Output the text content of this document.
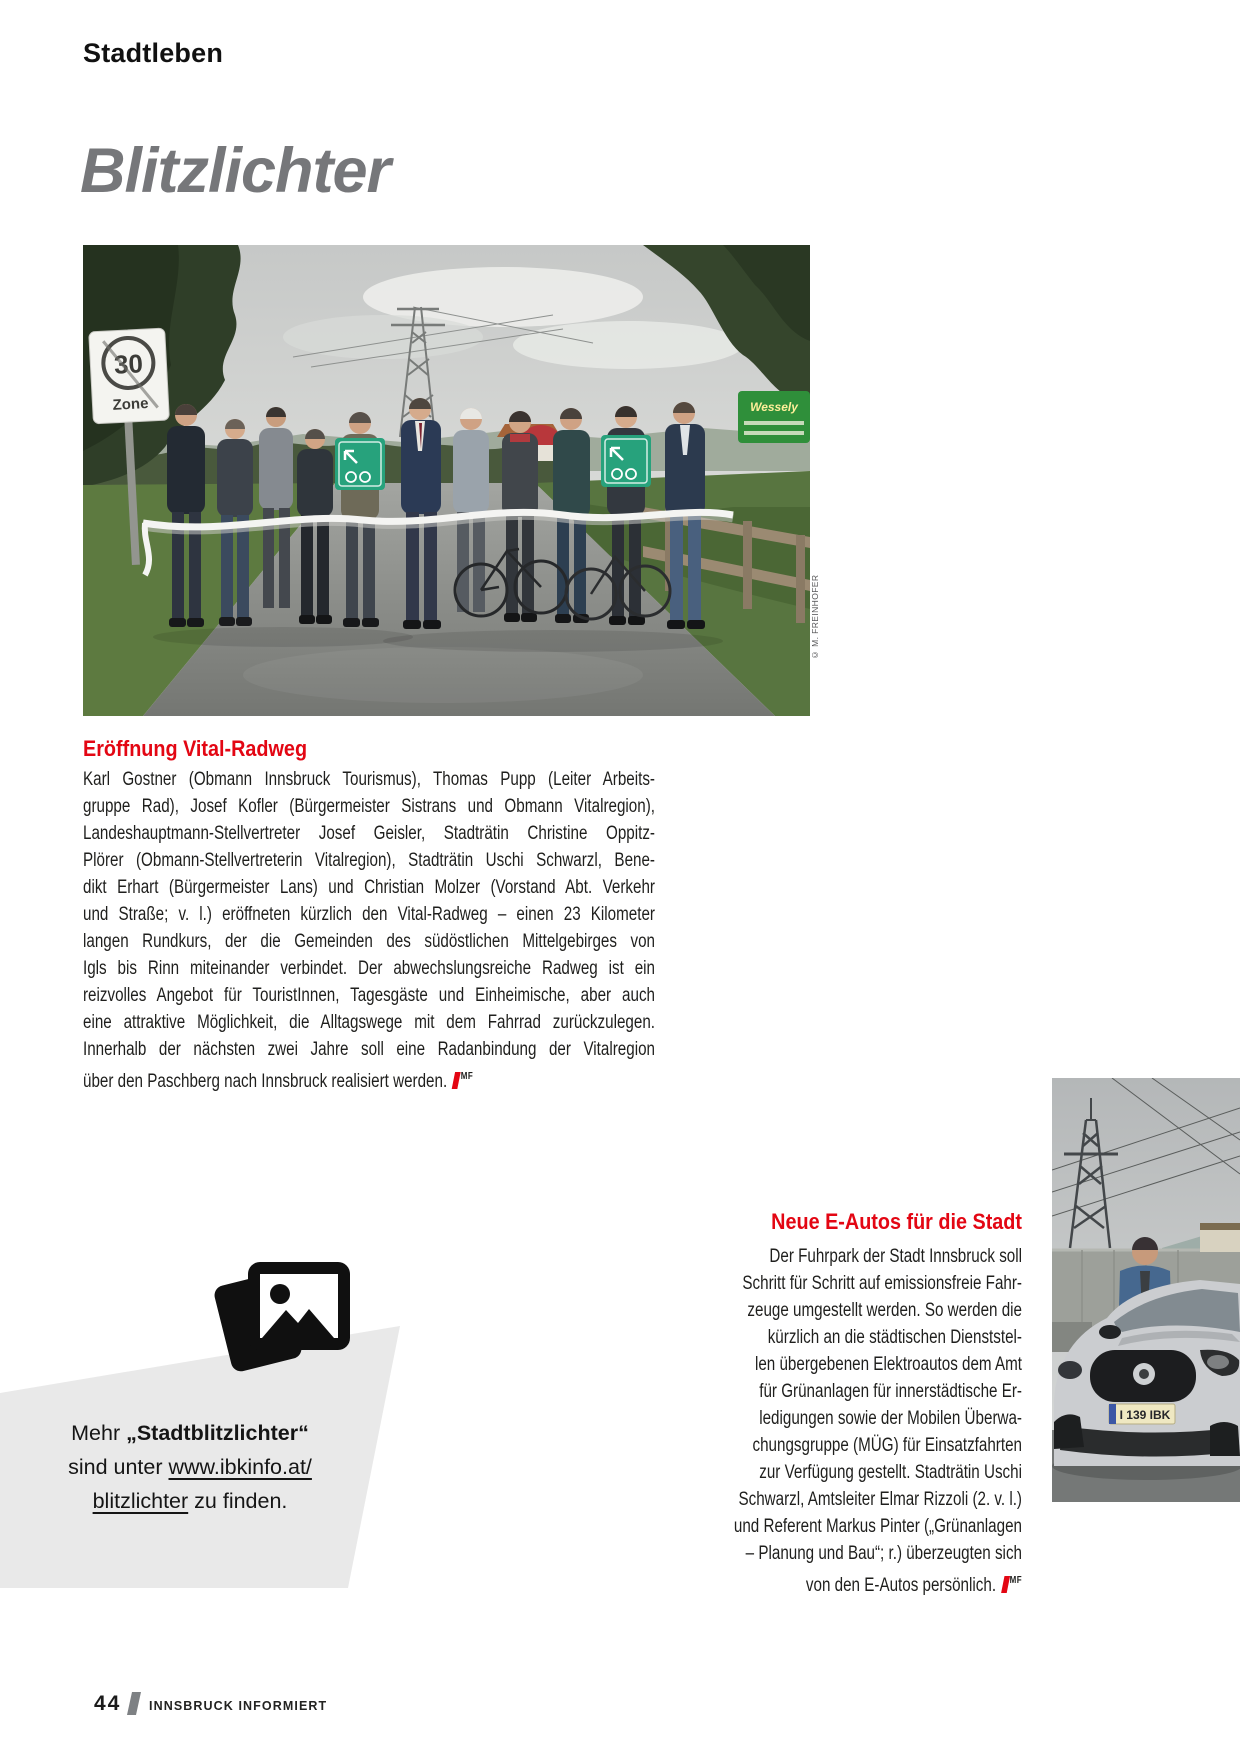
Stadtleben
Blitzlichter
Wessely
30
Zone
© M. FREINHOFER
Eröffnung Vital-Radweg
Karl Gostner (Obmann Innsbruck Tourismus), Thomas Pupp (Leiter Arbeits-
gruppe Rad), Josef Kofler (Bürgermeister Sistrans und Obmann Vitalregion),
Landeshauptmann-Stellvertreter Josef Geisler, Stadträtin Christine Oppitz-
Plörer (Obmann-Stellvertreterin Vitalregion), Stadträtin Uschi Schwarzl, Bene-
dikt Erhart (Bürgermeister Lans) und Christian Molzer (Vorstand Abt. Verkehr
und Straße; v. l.) eröffneten kürzlich den Vital-Radweg – einen 23 Kilometer
langen Rundkurs, der die Gemeinden des südöstlichen Mittelgebirges von
Igls bis Rinn miteinander verbindet. Der abwechslungsreiche Radweg ist ein
reizvolles Angebot für TouristInnen, Tagesgäste und Einheimische, aber auch
eine attraktive Möglichkeit, die Alltagswege mit dem Fahrrad zurückzulegen.
Innerhalb der nächsten zwei Jahre soll eine Radanbindung der Vitalregion
über den Paschberg nach Innsbruck realisiert werden. $^{MF}$
Mehr „Stadtblitzlichter“
sind unter www.ibkinfo.at/
blitzlichter zu finden.
Neue E-Autos für die Stadt
Der Fuhrpark der Stadt Innsbruck soll
Schritt für Schritt auf emissionsfreie Fahr-
zeuge umgestellt werden. So werden die
kürzlich an die städtischen Dienststel-
len übergebenen Elektroautos dem Amt
für Grünanlagen für innerstädtische Er-
ledigungen sowie der Mobilen Überwa-
chungsgruppe (MÜG) für Einsatzfahrten
zur Verfügung gestellt. Stadträtin Uschi
Schwarzl, Amtsleiter Elmar Rizzoli (2. v. l.)
und Referent Markus Pinter („Grünanlagen
– Planung und Bau“; r.) überzeugten sich
von den E-Autos persönlich. $^{MF}$
I 139 IBK
44 INNSBRUCK INFORMIERT
